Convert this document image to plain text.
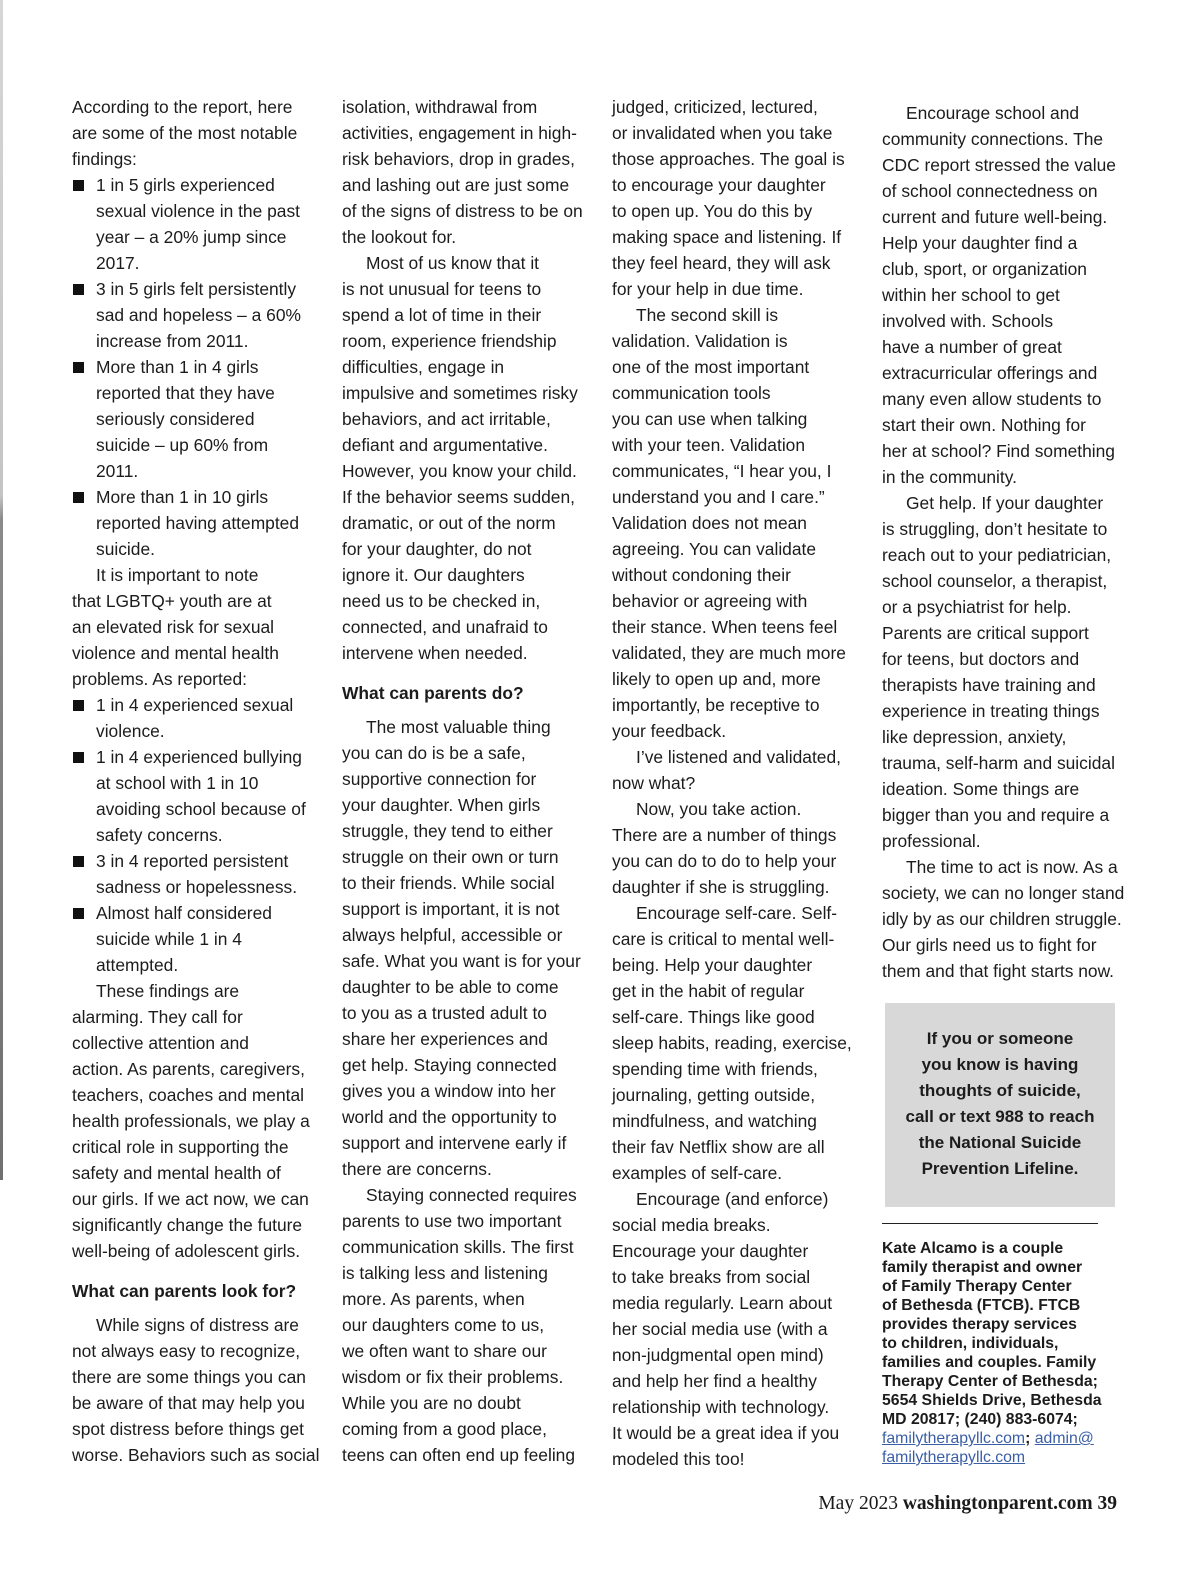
According to the report, here
are some of the most notable
findings:
1 in 5 girls experienced
sexual violence in the past
year – a 20% jump since
2017.
3 in 5 girls felt persistently
sad and hopeless – a 60%
increase from 2011.
More than 1 in 4 girls
reported that they have
seriously considered
suicide – up 60% from
2011.
More than 1 in 10 girls
reported having attempted
suicide.
It is important to note
that LGBTQ+ youth are at
an elevated risk for sexual
violence and mental health
problems. As reported:
1 in 4 experienced sexual
violence.
1 in 4 experienced bullying
at school with 1 in 10
avoiding school because of
safety concerns.
3 in 4 reported persistent
sadness or hopelessness.
Almost half considered
suicide while 1 in 4
attempted.
These findings are
alarming. They call for
collective attention and
action. As parents, caregivers,
teachers, coaches and mental
health professionals, we play a
critical role in supporting the
safety and mental health of
our girls. If we act now, we can
significantly change the future
well-being of adolescent girls.
What can parents look for?
While signs of distress are
not always easy to recognize,
there are some things you can
be aware of that may help you
spot distress before things get
worse. Behaviors such as social
isolation, withdrawal from
activities, engagement in high-
risk behaviors, drop in grades,
and lashing out are just some
of the signs of distress to be on
the lookout for.
Most of us know that it
is not unusual for teens to
spend a lot of time in their
room, experience friendship
difficulties, engage in
impulsive and sometimes risky
behaviors, and act irritable,
defiant and argumentative.
However, you know your child.
If the behavior seems sudden,
dramatic, or out of the norm
for your daughter, do not
ignore it. Our daughters
need us to be checked in,
connected, and unafraid to
intervene when needed.
What can parents do?
The most valuable thing
you can do is be a safe,
supportive connection for
your daughter. When girls
struggle, they tend to either
struggle on their own or turn
to their friends. While social
support is important, it is not
always helpful, accessible or
safe. What you want is for your
daughter to be able to come
to you as a trusted adult to
share her experiences and
get help. Staying connected
gives you a window into her
world and the opportunity to
support and intervene early if
there are concerns.
Staying connected requires
parents to use two important
communication skills. The first
is talking less and listening
more. As parents, when
our daughters come to us,
we often want to share our
wisdom or fix their problems.
While you are no doubt
coming from a good place,
teens can often end up feeling
judged, criticized, lectured,
or invalidated when you take
those approaches. The goal is
to encourage your daughter
to open up. You do this by
making space and listening. If
they feel heard, they will ask
for your help in due time.
The second skill is
validation. Validation is
one of the most important
communication tools
you can use when talking
with your teen. Validation
communicates, “I hear you, I
understand you and I care.”
Validation does not mean
agreeing. You can validate
without condoning their
behavior or agreeing with
their stance. When teens feel
validated, they are much more
likely to open up and, more
importantly, be receptive to
your feedback.
I’ve listened and validated,
now what?
Now, you take action.
There are a number of things
you can do to do to help your
daughter if she is struggling.
Encourage self-care. Self-
care is critical to mental well-
being. Help your daughter
get in the habit of regular
self-care. Things like good
sleep habits, reading, exercise,
spending time with friends,
journaling, getting outside,
mindfulness, and watching
their fav Netflix show are all
examples of self-care.
Encourage (and enforce)
social media breaks.
Encourage your daughter
to take breaks from social
media regularly. Learn about
her social media use (with a
non-judgmental open mind)
and help her find a healthy
relationship with technology.
It would be a great idea if you
modeled this too!
Encourage school and
community connections. The
CDC report stressed the value
of school connectedness on
current and future well-being.
Help your daughter find a
club, sport, or organization
within her school to get
involved with. Schools
have a number of great
extracurricular offerings and
many even allow students to
start their own. Nothing for
her at school? Find something
in the community.
Get help. If your daughter
is struggling, don’t hesitate to
reach out to your pediatrician,
school counselor, a therapist,
or a psychiatrist for help.
Parents are critical support
for teens, but doctors and
therapists have training and
experience in treating things
like depression, anxiety,
trauma, self-harm and suicidal
ideation. Some things are
bigger than you and require a
professional.
The time to act is now. As a
society, we can no longer stand
idly by as our children struggle.
Our girls need us to fight for
them and that fight starts now.
If you or someone
you know is having
thoughts of suicide,
call or text 988 to reach
the National Suicide
Prevention Lifeline.
Kate Alcamo is a couple
family therapist and owner
of Family Therapy Center
of Bethesda (FTCB). FTCB
provides therapy services
to children, individuals,
families and couples. Family
Therapy Center of Bethesda;
5654 Shields Drive, Bethesda
MD 20817; (240) 883-6074;
familytherapyllc.com; admin@
familytherapyllc.com
May 2023 washingtonparent.com 39
